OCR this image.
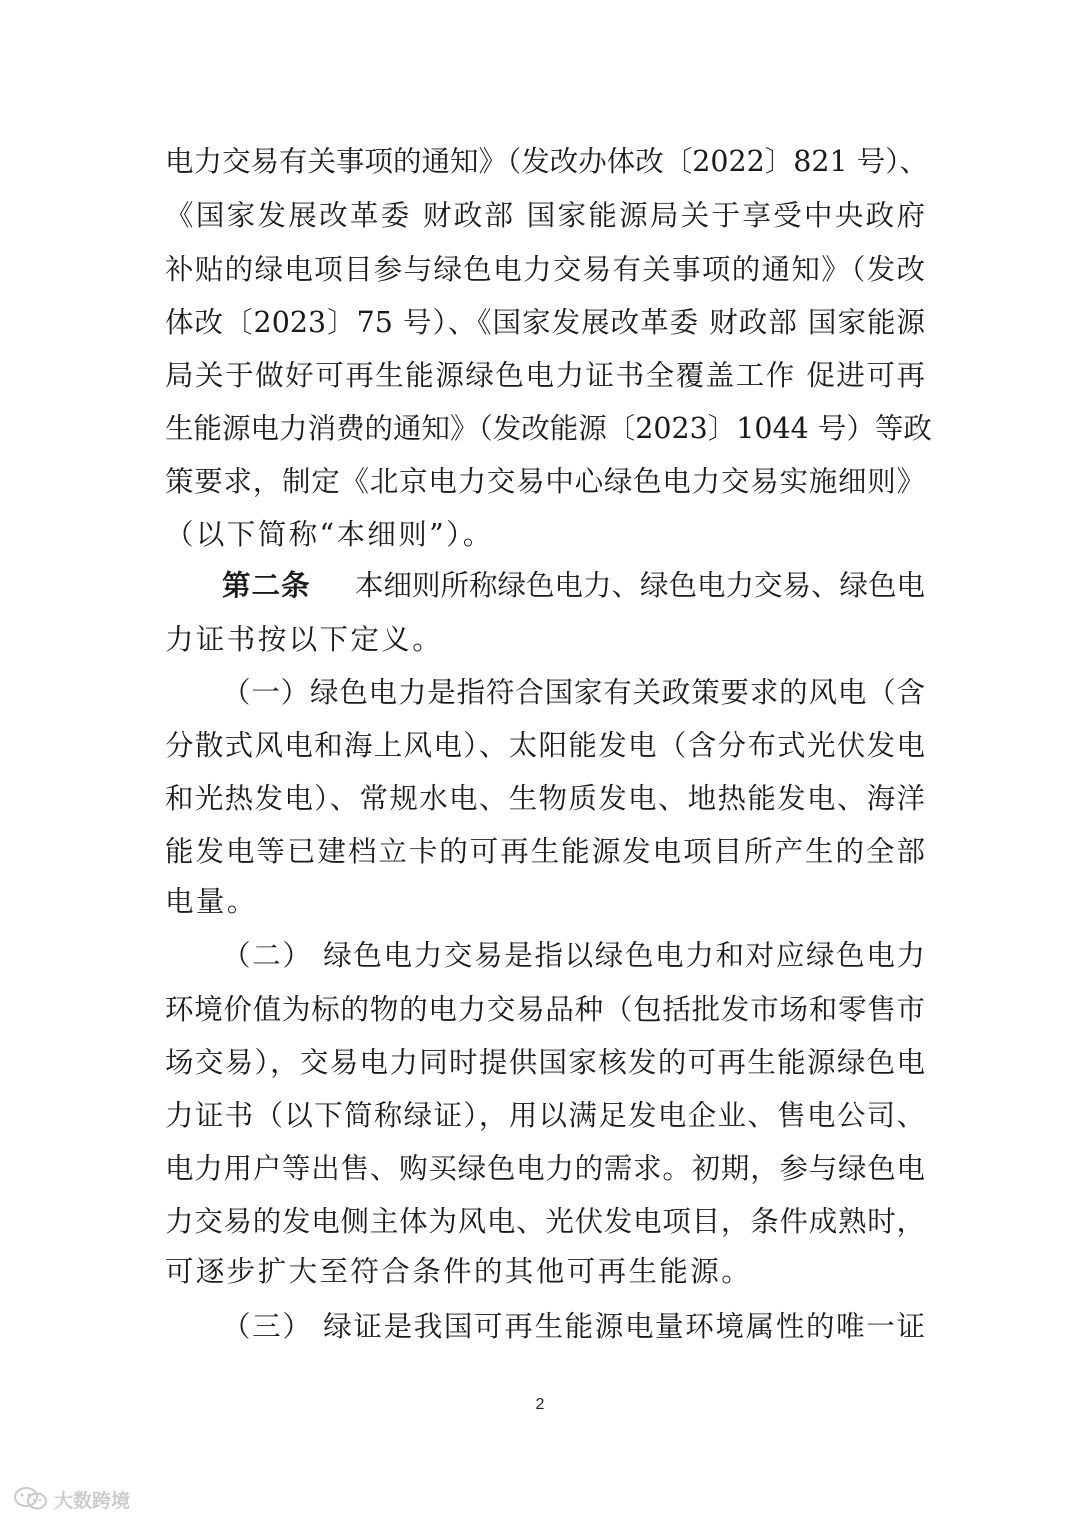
电力交易有关事项的通知》（发改办体改〔2022〕821 号）、
《国家发展改革委 财政部 国家能源局关于享受中央政府
补贴的绿电项目参与绿色电力交易有关事项的通知》（发改
体改〔2023〕75 号）、《国家发展改革委 财政部 国家能源
局关于做好可再生能源绿色电力证书全覆盖工作 促进可再
生能源电力消费的通知》（发改能源〔2023〕1044 号）等政
策要求，制定《北京电力交易中心绿色电力交易实施细则》
（以下简称“本细则”）。
第二条	本细则所称绿色电力、绿色电力交易、绿色电
力证书按以下定义。
（一）绿色电力是指符合国家有关政策要求的风电（含
分散式风电和海上风电）、太阳能发电（含分布式光伏发电
和光热发电）、常规水电、生物质发电、地热能发电、海洋
能发电等已建档立卡的可再生能源发电项目所产生的全部
电量。
（二） 绿色电力交易是指以绿色电力和对应绿色电力
环境价值为标的物的电力交易品种（包括批发市场和零售市
场交易），交易电力同时提供国家核发的可再生能源绿色电
力证书（以下简称绿证），用以满足发电企业、售电公司、
电力用户等出售、购买绿色电力的需求。初期，参与绿色电
力交易的发电侧主体为风电、光伏发电项目，条件成熟时，
可逐步扩大至符合条件的其他可再生能源。
（三） 绿证是我国可再生能源电量环境属性的唯一证
2
大数跨境
